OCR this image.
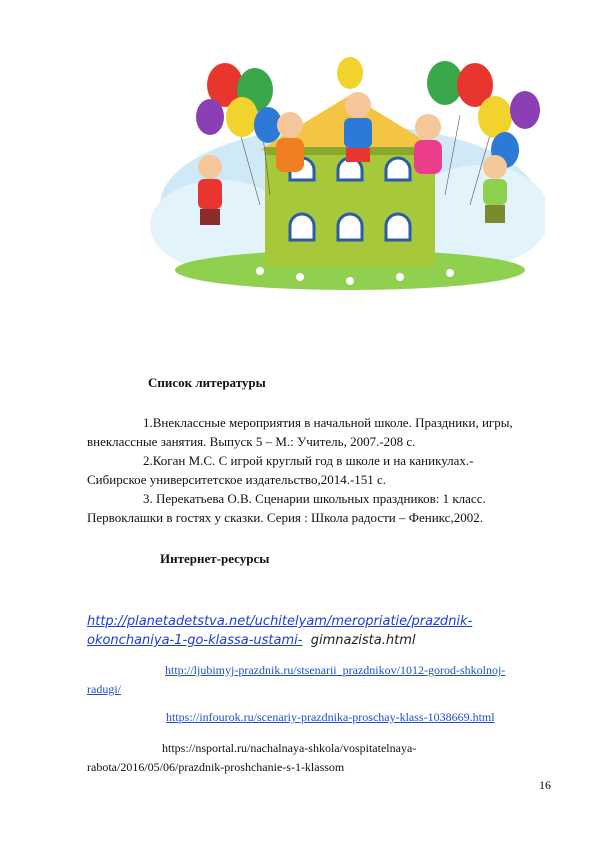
Список литературы

1.Внеклассные мероприятия в начальной школе. Праздники, игры, внеклассные занятия. Выпуск 5 – М.: Учитель, 2007.-208 с.

2.Коган М.С. С игрой круглый год в школе и на каникулах.-Сибирское университетское издательство,2014.-151 с.

3. Перекатьева О.В. Сценарии школьных праздников: 1 класс. Первоклашки в гостях у сказки. Серия : Школа радости – Феникс,2002.

Интернет-ресурсы

http://planetadetstva.net/uchitelyam/meropriatie/prazdnik-okonchaniya-1-go-klassa-ustami- gimnazista.html
http://ljubimyj-prazdnik.ru/stsenarii_prazdnikov/1012-gorod-shkolnoj-radugi/
https://infourok.ru/scenariy-prazdnika-proschay-klass-1038669.html
https://nsportal.ru/nachalnaya-shkola/vospitatelnaya-rabota/2016/05/06/prazdnik-proshchanie-s-1-klassom
16
